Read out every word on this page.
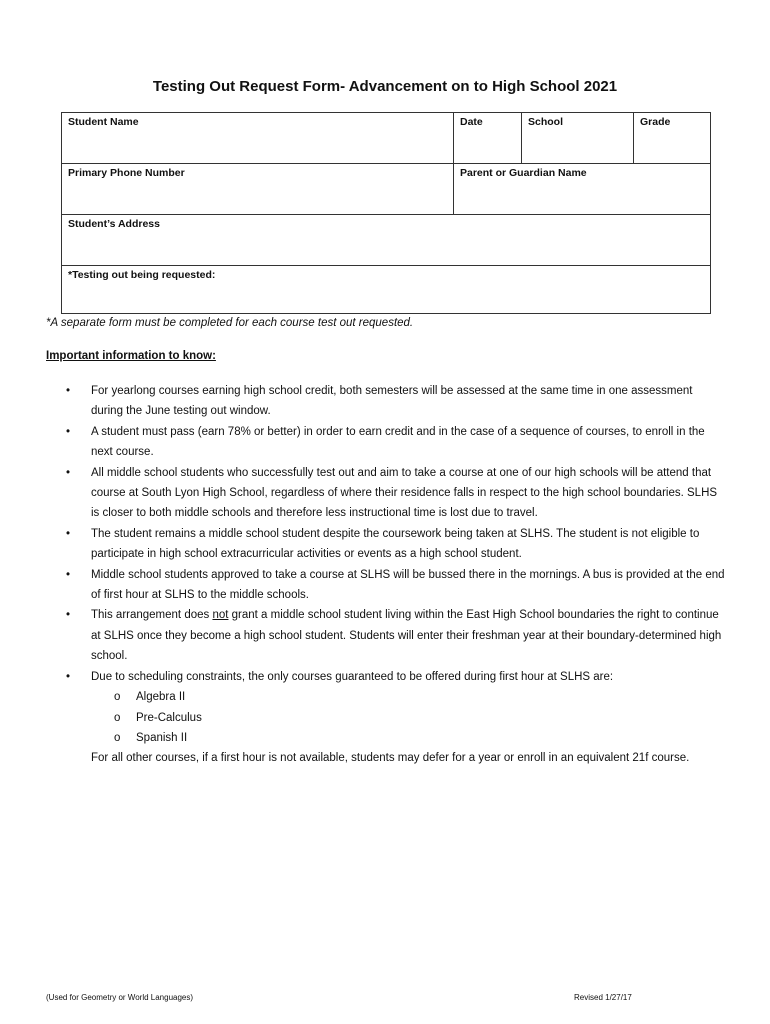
Testing Out Request Form- Advancement on to High School 2021
Student Name	Date	School	Grade
Primary Phone Number	Parent or Guardian Name		
Student’s Address			
*Testing out being requested:			
*A separate form must be completed for each course test out requested.
Important information to know:
• For yearlong courses earning high school credit, both semesters will be assessed at the same time in one assessment during the June testing out window.
• A student must pass (earn 78% or better) in order to earn credit and in the case of a sequence of courses, to enroll in the next course.
• All middle school students who successfully test out and aim to take a course at one of our high schools will be attend that course at South Lyon High School, regardless of where their residence falls in respect to the high school boundaries. SLHS is closer to both middle schools and therefore less instructional time is lost due to travel.
• The student remains a middle school student despite the coursework being taken at SLHS. The student is not eligible to participate in high school extracurricular activities or events as a high school student.
• Middle school students approved to take a course at SLHS will be bussed there in the mornings. A bus is provided at the end of first hour at SLHS to the middle schools.
• This arrangement does not grant a middle school student living within the East High School boundaries the right to continue at SLHS once they become a high school student. Students will enter their freshman year at their boundary-determined high school.
• Due to scheduling constraints, the only courses guaranteed to be offered during first hour at SLHS are:
o Algebra II
o Pre-Calculus
o Spanish II
For all other courses, if a first hour is not available, students may defer for a year or enroll in an equivalent 21f course.
(Used for Geometry or World Languages)	Revised 1/27/17
